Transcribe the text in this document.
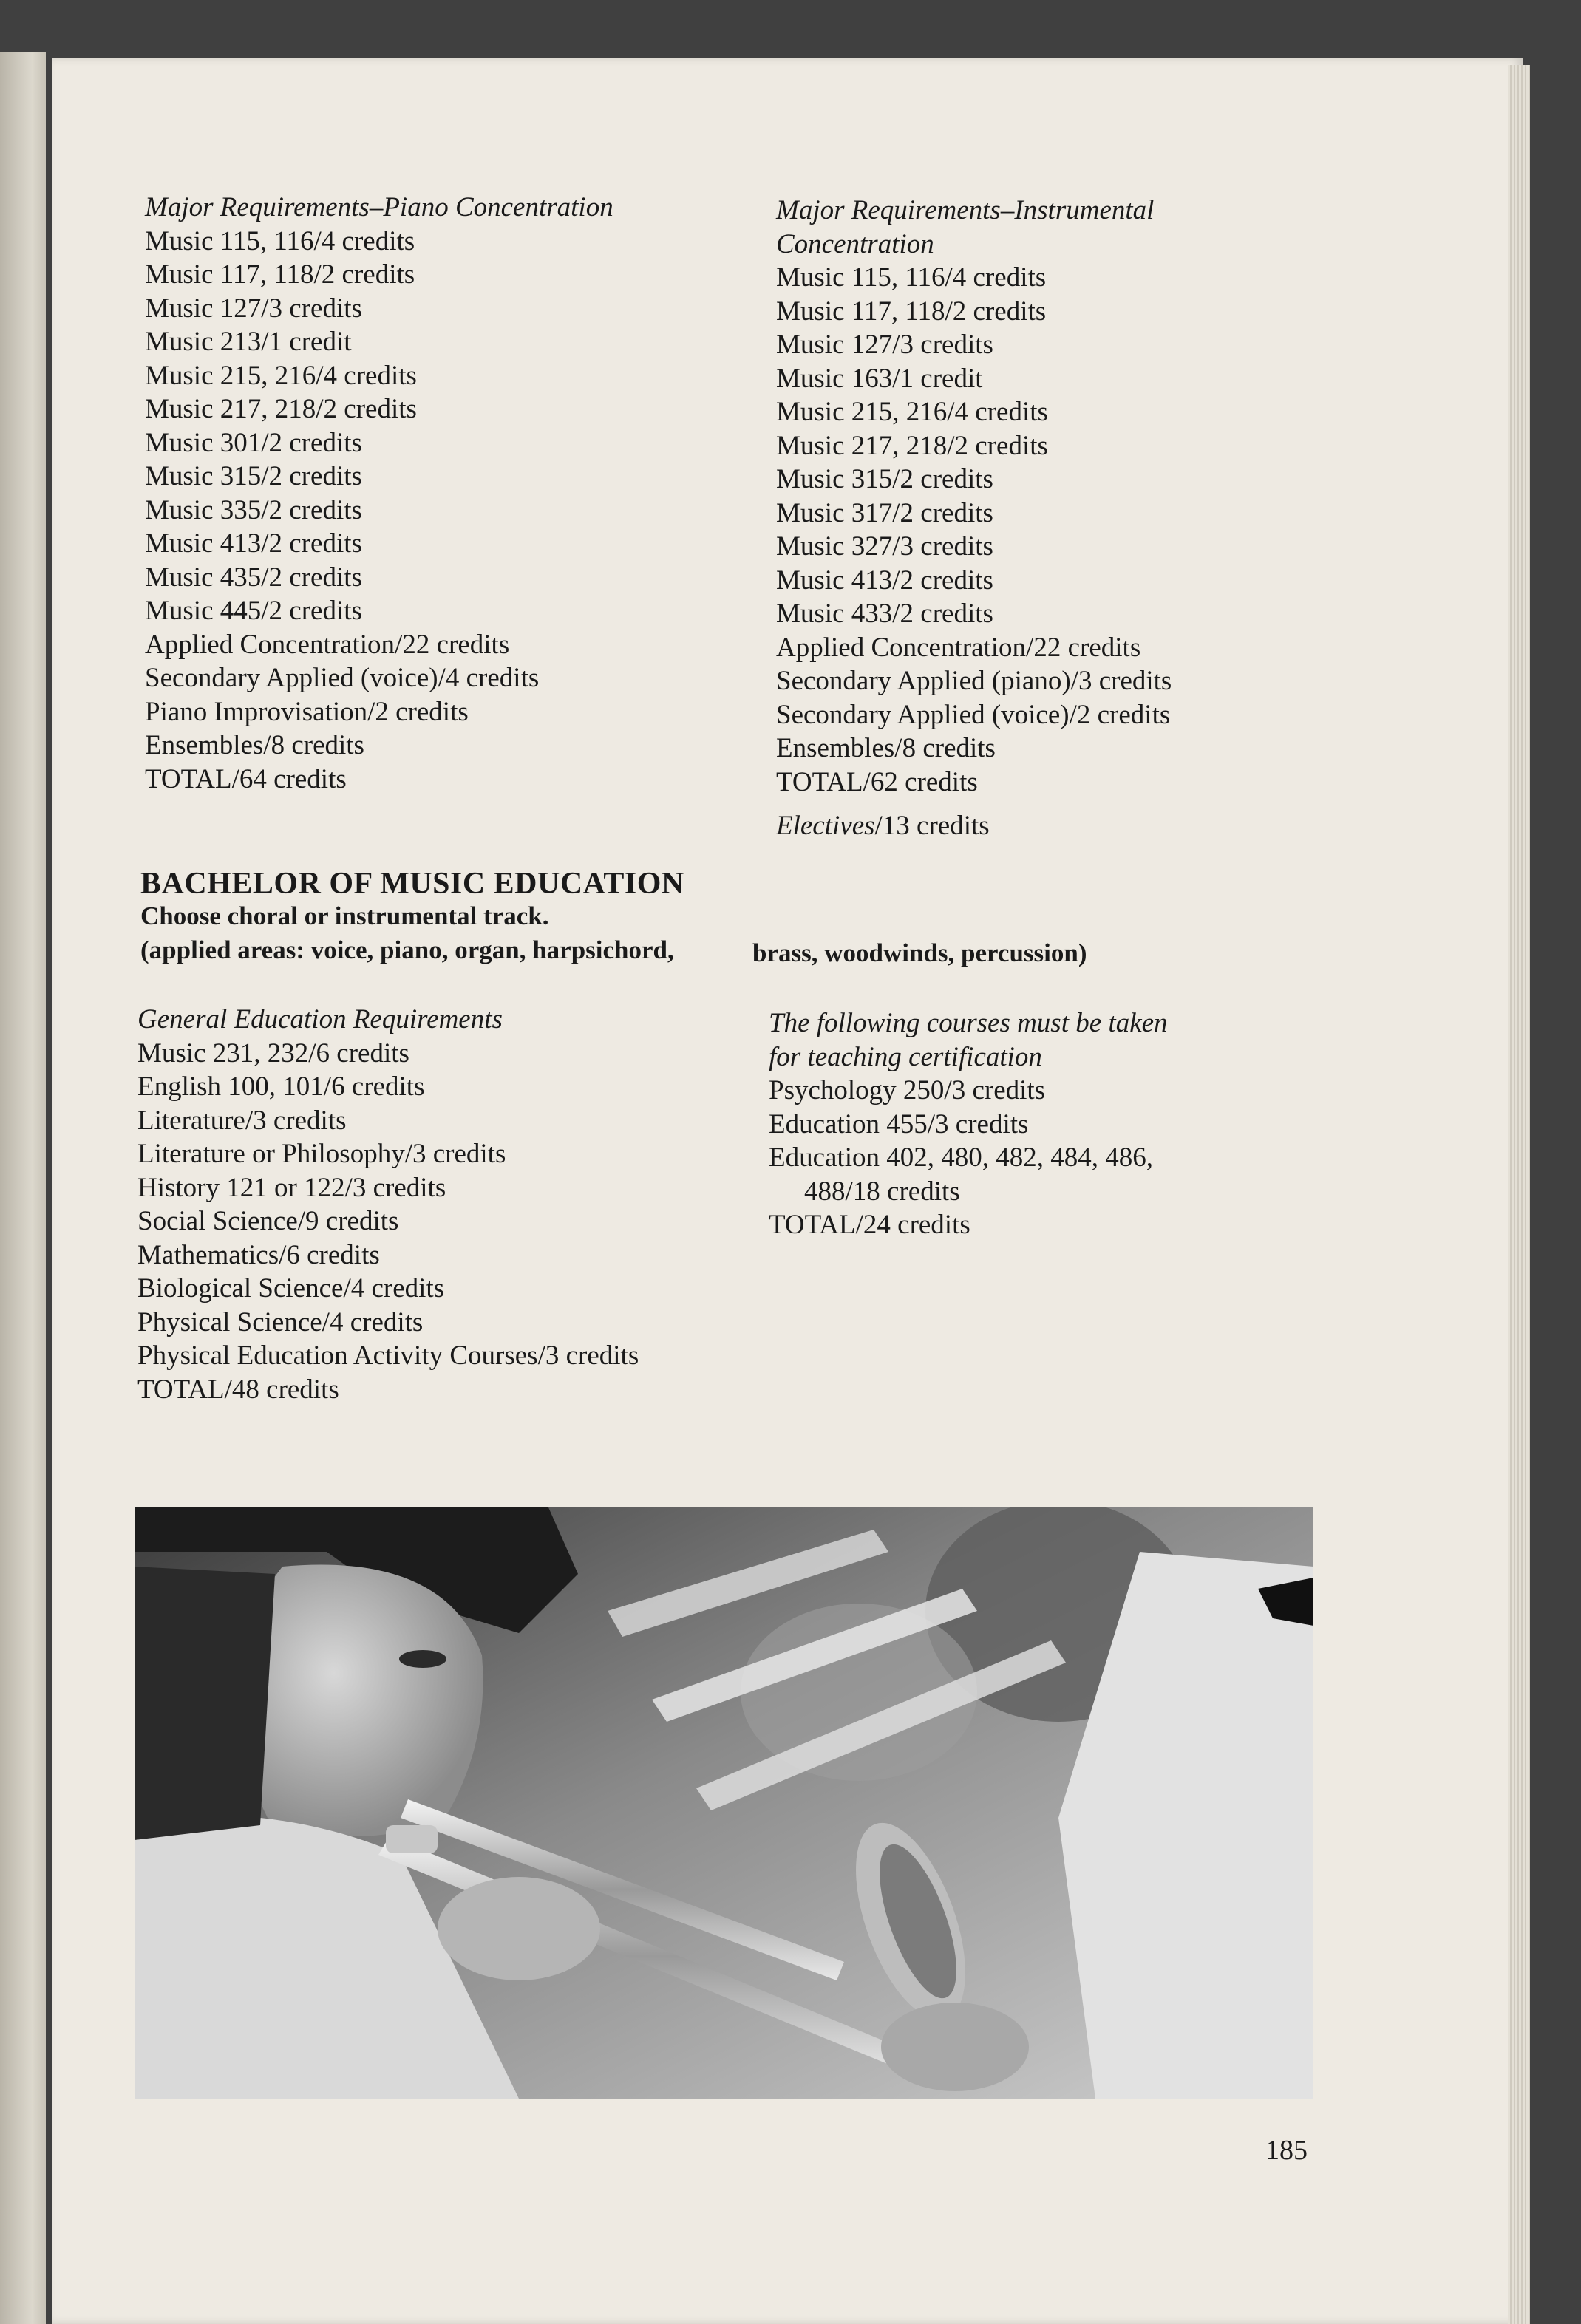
Major Requirements–Piano Concentration
Music 115, 116/4 credits
Music 117, 118/2 credits
Music 127/3 credits
Music 213/1 credit
Music 215, 216/4 credits
Music 217, 218/2 credits
Music 301/2 credits
Music 315/2 credits
Music 335/2 credits
Music 413/2 credits
Music 435/2 credits
Music 445/2 credits
Applied Concentration/22 credits
Secondary Applied (voice)/4 credits
Piano Improvisation/2 credits
Ensembles/8 credits
TOTAL/64 credits
Major Requirements–Instrumental
Concentration
Music 115, 116/4 credits
Music 117, 118/2 credits
Music 127/3 credits
Music 163/1 credit
Music 215, 216/4 credits
Music 217, 218/2 credits
Music 315/2 credits
Music 317/2 credits
Music 327/3 credits
Music 413/2 credits
Music 433/2 credits
Applied Concentration/22 credits
Secondary Applied (piano)/3 credits
Secondary Applied (voice)/2 credits
Ensembles/8 credits
TOTAL/62 credits
Electives/13 credits
BACHELOR OF MUSIC EDUCATION
Choose choral or instrumental track.
(applied areas: voice, piano, organ, harpsichord,	brass, woodwinds, percussion)
General Education Requirements
Music 231, 232/6 credits
English 100, 101/6 credits
Literature/3 credits
Literature or Philosophy/3 credits
History 121 or 122/3 credits
Social Science/9 credits
Mathematics/6 credits
Biological Science/4 credits
Physical Science/4 credits
Physical Education Activity Courses/3 credits
TOTAL/48 credits
The following courses must be taken
for teaching certification
Psychology 250/3 credits
Education 455/3 credits
Education 402, 480, 482, 484, 486,
488/18 credits
TOTAL/24 credits
185
